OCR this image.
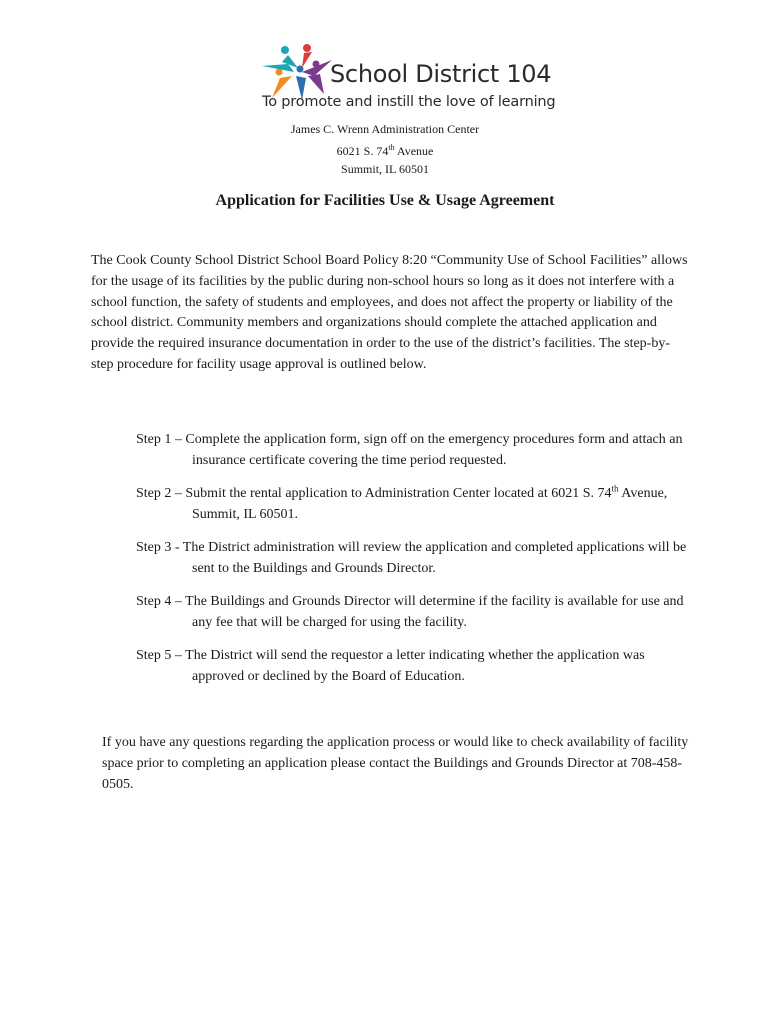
School District 104
To promote and instill the love of learning
James C. Wrenn Administration Center
6021 S. 74th Avenue
Summit, IL 60501
Application for Facilities Use & Usage Agreement
The Cook County School District School Board Policy 8:20 “Community Use of School Facilities” allows for the usage of its facilities by the public during non-school hours so long as it does not interfere with a school function, the safety of students and employees, and does not affect the property or liability of the school district. Community members and organizations should complete the attached application and provide the required insurance documentation in order to the use of the district’s facilities. The step-by-step procedure for facility usage approval is outlined below.
Step 1 – Complete the application form, sign off on the emergency procedures form and attach an insurance certificate covering the time period requested.
Step 2 – Submit the rental application to Administration Center located at 6021 S. 74th Avenue, Summit, IL 60501.
Step 3 - The District administration will review the application and completed applications will be sent to the Buildings and Grounds Director.
Step 4 – The Buildings and Grounds Director will determine if the facility is available for use and any fee that will be charged for using the facility.
Step 5 – The District will send the requestor a letter indicating whether the application was approved or declined by the Board of Education.
If you have any questions regarding the application process or would like to check availability of facility space prior to completing an application please contact the Buildings and Grounds Director at 708-458-0505.
